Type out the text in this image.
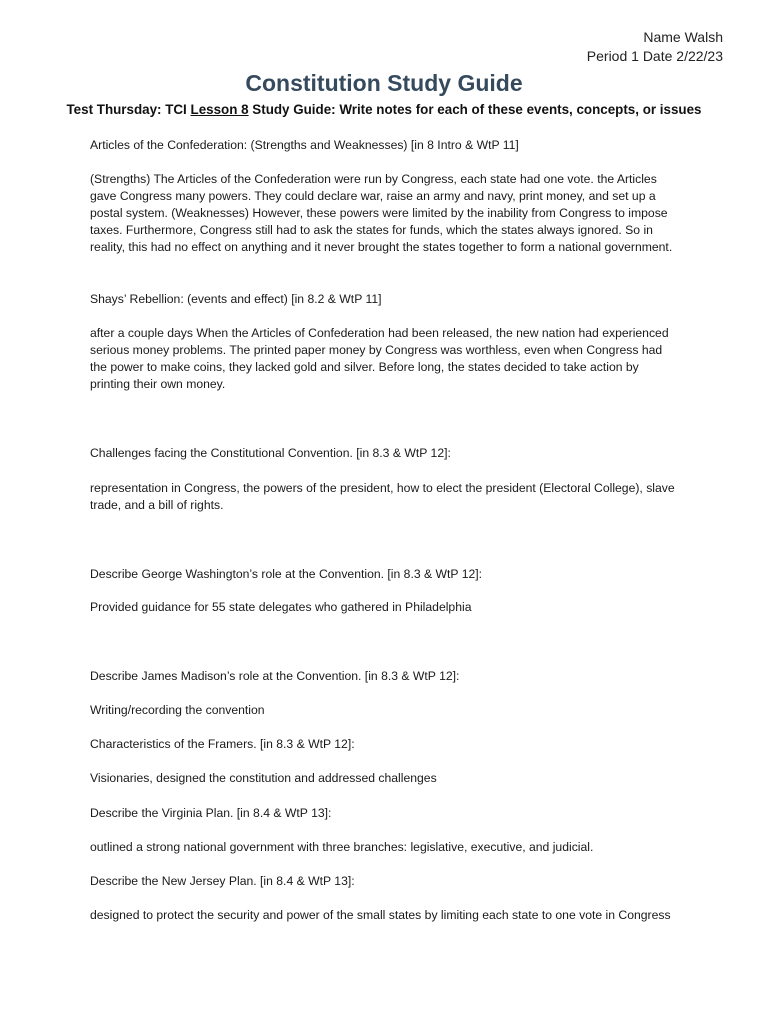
Name Walsh
Period 1 Date 2/22/23
Constitution Study Guide
Test Thursday: TCI Lesson 8 Study Guide: Write notes for each of these events, concepts, or issues

Articles of the Confederation: (Strengths and Weaknesses) [in 8 Intro & WtP 11]

(Strengths) The Articles of the Confederation were run by Congress, each state had one vote. the Articles gave Congress many powers. They could declare war, raise an army and navy, print money, and set up a postal system. (Weaknesses) However, these powers were limited by the inability from Congress to impose taxes. Furthermore, Congress still had to ask the states for funds, which the states always ignored. So in reality, this had no effect on anything and it never brought the states together to form a national government.

Shays’ Rebellion: (events and effect) [in 8.2 & WtP 11]

after a couple days When the Articles of Confederation had been released, the new nation had experienced serious money problems. The printed paper money by Congress was worthless, even when Congress had the power to make coins, they lacked gold and silver. Before long, the states decided to take action by printing their own money.

Challenges facing the Constitutional Convention. [in 8.3 & WtP 12]:

representation in Congress, the powers of the president, how to elect the president (Electoral College), slave trade, and a bill of rights.

Describe George Washington’s role at the Convention. [in 8.3 & WtP 12]:

Provided guidance for 55 state delegates who gathered in Philadelphia

Describe James Madison’s role at the Convention. [in 8.3 & WtP 12]:

Writing/recording the convention

Characteristics of the Framers. [in 8.3 & WtP 12]:

Visionaries, designed the constitution and addressed challenges

Describe the Virginia Plan. [in 8.4 & WtP 13]:

outlined a strong national government with three branches: legislative, executive, and judicial.

Describe the New Jersey Plan. [in 8.4 & WtP 13]:

designed to protect the security and power of the small states by limiting each state to one vote in Congress
